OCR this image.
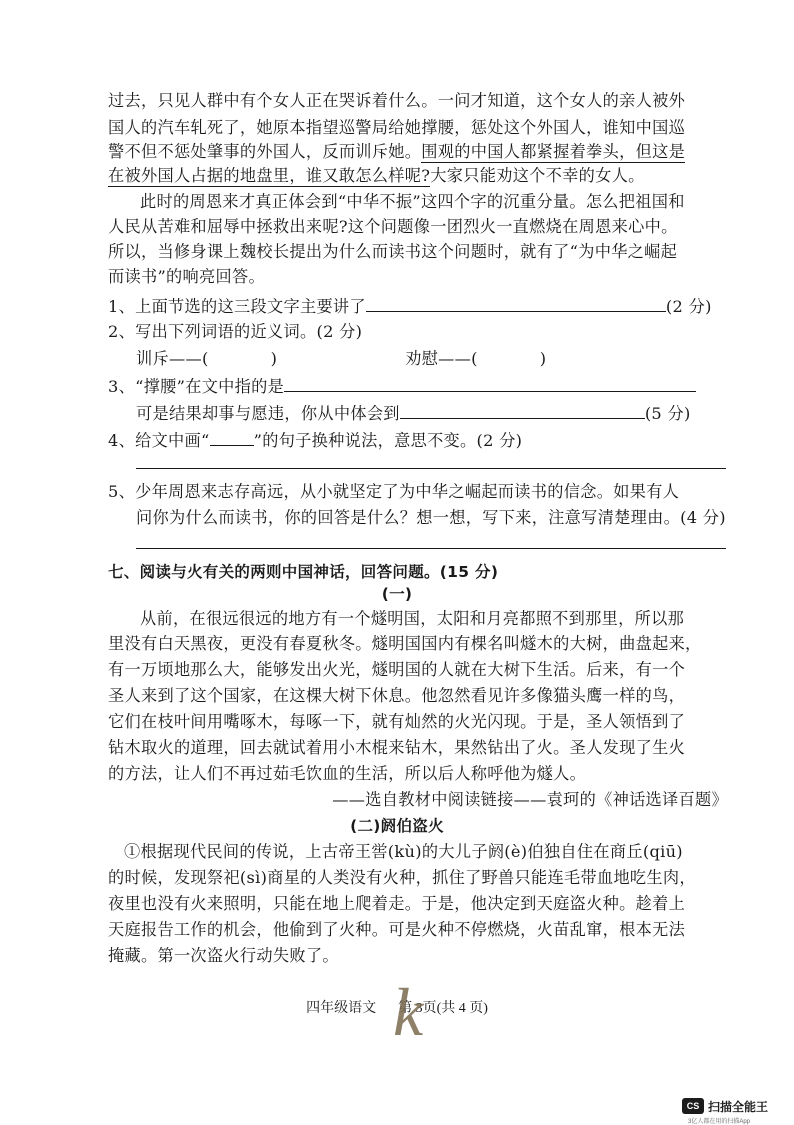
过去，只见人群中有个女人正在哭诉着什么。一问才知道，这个女人的亲人被外
国人的汽车轧死了，她原本指望巡警局给她撑腰，惩处这个外国人，谁知中国巡
警不但不惩处肇事的外国人，反而训斥她。围观的中国人都紧握着拳头，但这是
在被外国人占据的地盘里，谁又敢怎么样呢?大家只能劝这个不幸的女人。
此时的周恩来才真正体会到“中华不振”这四个字的沉重分量。怎么把祖国和
人民从苦难和屈辱中拯救出来呢?这个问题像一团烈火一直燃烧在周恩来心中。
所以，当修身课上魏校长提出为什么而读书这个问题时，就有了“为中华之崛起
而读书”的响亮回答。
1、上面节选的这三段文字主要讲了	(2 分)
2、写出下列词语的近义词。(2 分)
训斥——(	)	劝慰——(	)
3、“撑腰”在文中指的是
可是结果却事与愿违，你从中体会到	(5 分)
4、给文中画“	”的句子换种说法，意思不变。(2 分)
5、少年周恩来志存高远，从小就坚定了为中华之崛起而读书的信念。如果有人
问你为什么而读书，你的回答是什么？想一想，写下来，注意写清楚理由。(4 分)
七、阅读与火有关的两则中国神话，回答问题。(15 分)
(一)
从前，在很远很远的地方有一个燧明国，太阳和月亮都照不到那里，所以那
里没有白天黑夜，更没有春夏秋冬。燧明国国内有棵名叫燧木的大树，曲盘起来，
有一万顷地那么大，能够发出火光，燧明国的人就在大树下生活。后来，有一个
圣人来到了这个国家，在这棵大树下休息。他忽然看见许多像猫头鹰一样的鸟，
它们在枝叶间用嘴啄木，每啄一下，就有灿然的火光闪现。于是，圣人领悟到了
钻木取火的道理，回去就试着用小木棍来钻木，果然钻出了火。圣人发现了生火
的方法，让人们不再过茹毛饮血的生活，所以后人称呼他为燧人。
——选自教材中阅读链接——袁珂的《神话选译百题》
(二)阏伯盗火
①根据现代民间的传说，上古帝王喾(kù)的大儿子阏(è)伯独自住在商丘(qiū)
的时候，发现祭祀(sì)商星的人类没有火种，抓住了野兽只能连毛带血地吃生肉，
夜里也没有火来照明，只能在地上爬着走。于是，他决定到天庭盗火种。趁着上
天庭报告工作的机会，他偷到了火种。可是火种不停燃烧，火苗乱窜，根本无法
掩藏。第一次盗火行动失败了。
四年级语文 第 3页(共 4 页)
k
CS 扫描全能王
3亿人都在用的扫描App
